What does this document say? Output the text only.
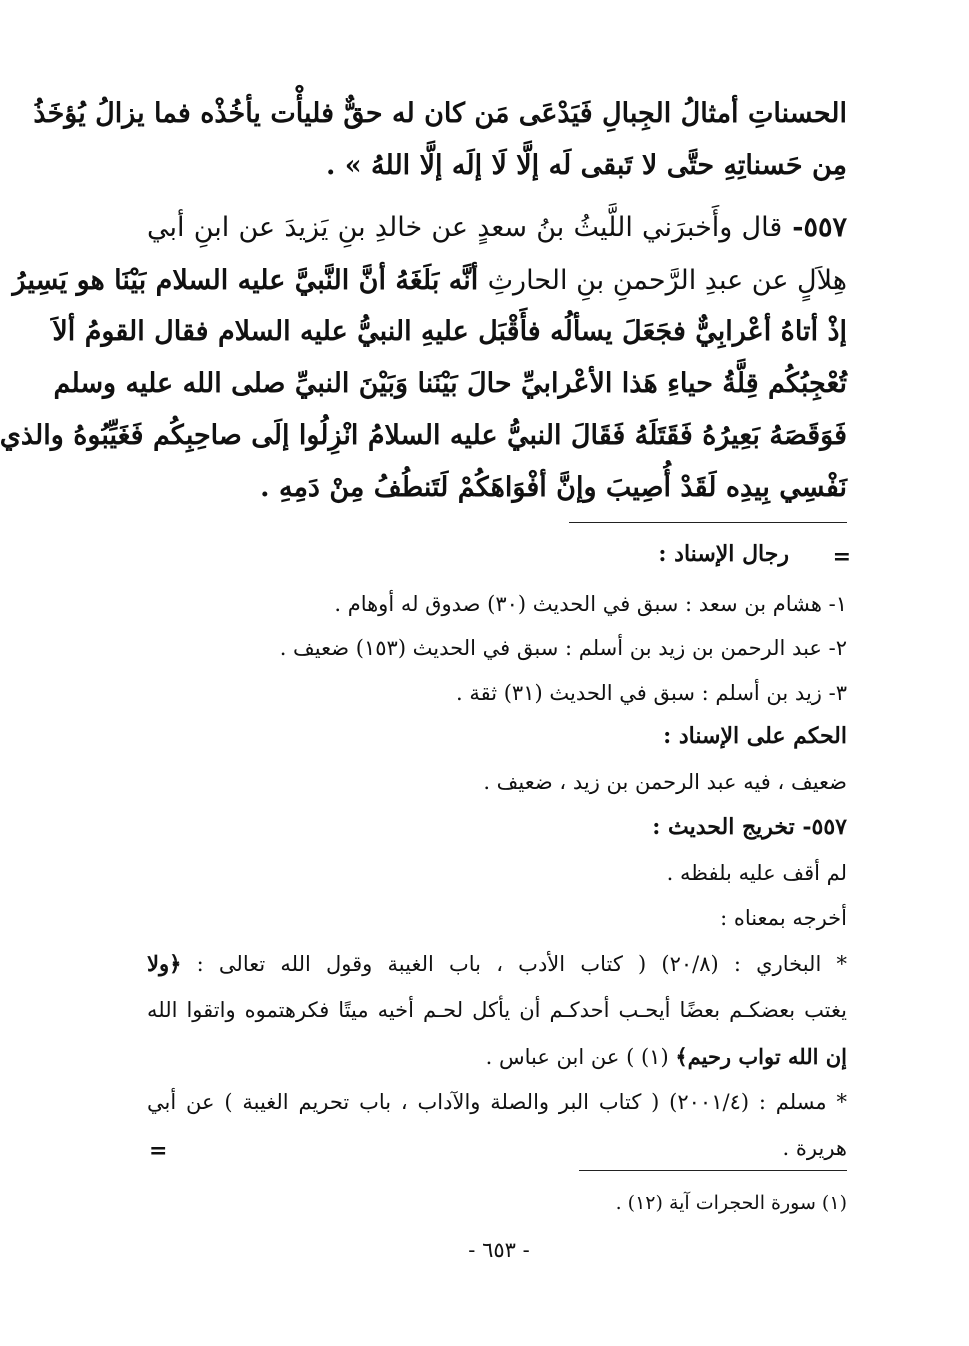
الحسناتِ أمثالُ الجِبالِ فَيَدْعَى مَن كان له حقٌّ فليأْت يأخُذْه فما يزالُ يُؤخَذُ
مِن حَسناتِهِ حتَّى لا تَبقى لَه إلَّا لَا إلَه إلَّا اللهُ » .
٥٥٧- قال وأَخبرَني اللَّيثُ بنُ سعدٍ عن خالدِ بنِ يَزيدَ عن ابنِ أبي
هِلاَلٍ عن عبدِ الرَّحمنِ بنِ الحارثِ أنَّه بَلَغَهُ أنَّ النَّبيَّ عليه السلام بَيْنَا هو يَسِيرُ
إذْ أتاهُ أعْرابِيٌّ فجَعَلَ يسألُه فأَقْبَل عليهِ النبيُّ عليه السلام فقال القومُ ألاَ
تُعْجِبُكُم قِلَّةُ حياءِ هَذا الأعْرابيِّ حالَ بَيْنَنا وَبَيْنَ النبيِّ صلى الله عليه وسلم
فَوَقَصَهُ بَعِيرُهُ فَقَتَلَهُ فَقَالَ النبيُّ عليه السلامُ انْزِلُوا إلَى صاحِبِكُم فَغَيِّبُوهُ والذي
نَفْسِي بِيدِه لَقَدْ أُصِيبَ وإنَّ أفْوَاهَكُمْ لَتَنطُفُ مِنْ دَمِهِ .
=
رجال الإسناد :
١- هشام بن سعد : سبق في الحديث (٣٠) صدوق له أوهام .
٢- عبد الرحمن بن زيد بن أسلم : سبق في الحديث (١٥٣) ضعيف .
٣- زيد بن أسلم : سبق في الحديث (٣١) ثقة .
الحكم على الإسناد :
ضعيف ، فيه عبد الرحمن بن زيد ، ضعيف .
٥٥٧- تخريج الحديث :
لم أقف عليه بلفظه .
أخرجه بمعناه :
* البخاري : (٢٠/٨) ( كتاب الأدب ، باب الغيبة وقول الله تعالى : ﴿ولا
يغتب بعضكـم بعضًا أيحـب أحدكـم أن يأكل لحـم أخيه ميتًا فكرهتموه واتقوا الله
إن الله تواب رحيم﴾ (١) ) عن ابن عباس .
* مسلم : (٢٠٠١/٤) ( كتاب البر والصلة والآداب ، باب تحريم الغيبة ) عن أبي
هريرة .
=
(١) سورة الحجرات آية (١٢) .
- ٦٥٣ -
